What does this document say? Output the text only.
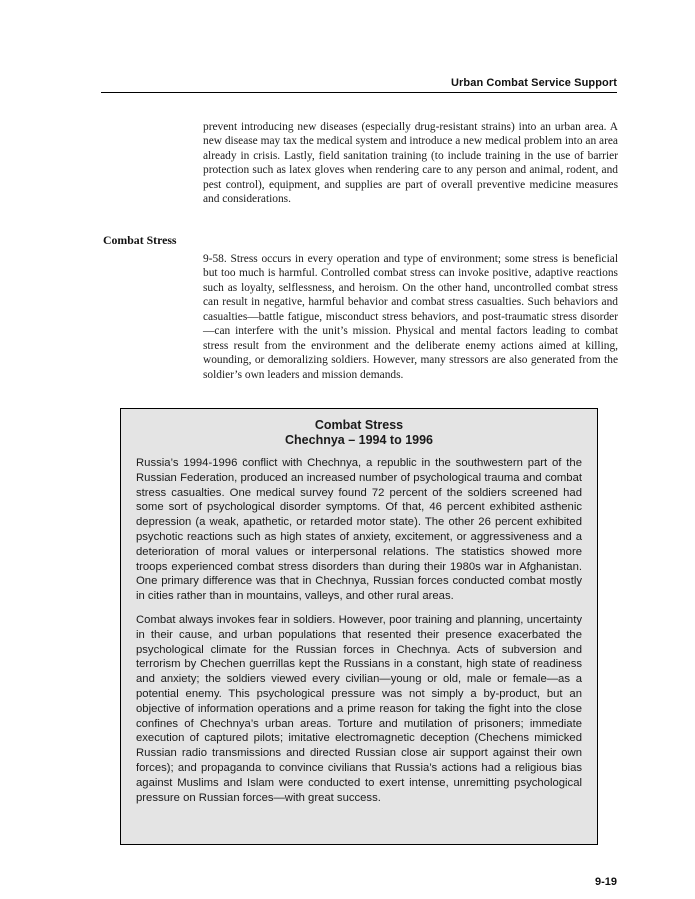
Urban Combat Service Support

prevent introducing new diseases (especially drug-resistant strains) into an urban area. A new disease may tax the medical system and introduce a new medical problem into an area already in crisis. Lastly, field sanitation training (to include training in the use of barrier protection such as latex gloves when rendering care to any person and animal, rodent, and pest control), equipment, and supplies are part of overall preventive medicine measures and considerations.

Combat Stress

9-58. Stress occurs in every operation and type of environment; some stress is beneficial but too much is harmful. Controlled combat stress can invoke positive, adaptive reactions such as loyalty, selflessness, and heroism. On the other hand, uncontrolled combat stress can result in negative, harmful behavior and combat stress casualties. Such behaviors and casualties—battle fatigue, misconduct stress behaviors, and post-traumatic stress disorder—can interfere with the unit’s mission. Physical and mental factors leading to combat stress result from the environment and the deliberate enemy actions aimed at killing, wounding, or demoralizing soldiers. However, many stressors are also generated from the soldier’s own leaders and mission demands.

Combat Stress
Chechnya – 1994 to 1996

Russia’s 1994-1996 conflict with Chechnya, a republic in the southwestern part of the Russian Federation, produced an increased number of psychological trauma and combat stress casualties. One medical survey found 72 percent of the soldiers screened had some sort of psychological disorder symptoms. Of that, 46 percent exhibited asthenic depression (a weak, apathetic, or retarded motor state). The other 26 percent exhibited psychotic reactions such as high states of anxiety, excitement, or aggressiveness and a deterioration of moral values or interpersonal relations. The statistics showed more troops experienced combat stress disorders than during their 1980s war in Afghanistan. One primary difference was that in Chechnya, Russian forces conducted combat mostly in cities rather than in mountains, valleys, and other rural areas.

Combat always invokes fear in soldiers. However, poor training and planning, uncertainty in their cause, and urban populations that resented their presence exacerbated the psychological climate for the Russian forces in Chechnya. Acts of subversion and terrorism by Chechen guerrillas kept the Russians in a constant, high state of readiness and anxiety; the soldiers viewed every civilian—young or old, male or female—as a potential enemy. This psychological pressure was not simply a by-product, but an objective of information operations and a prime reason for taking the fight into the close confines of Chechnya’s urban areas. Torture and mutilation of prisoners; immediate execution of captured pilots; imitative electromagnetic deception (Chechens mimicked Russian radio transmissions and directed Russian close air support against their own forces); and propaganda to convince civilians that Russia’s actions had a religious bias against Muslims and Islam were conducted to exert intense, unremitting psychological pressure on Russian forces—with great success.

9-19
